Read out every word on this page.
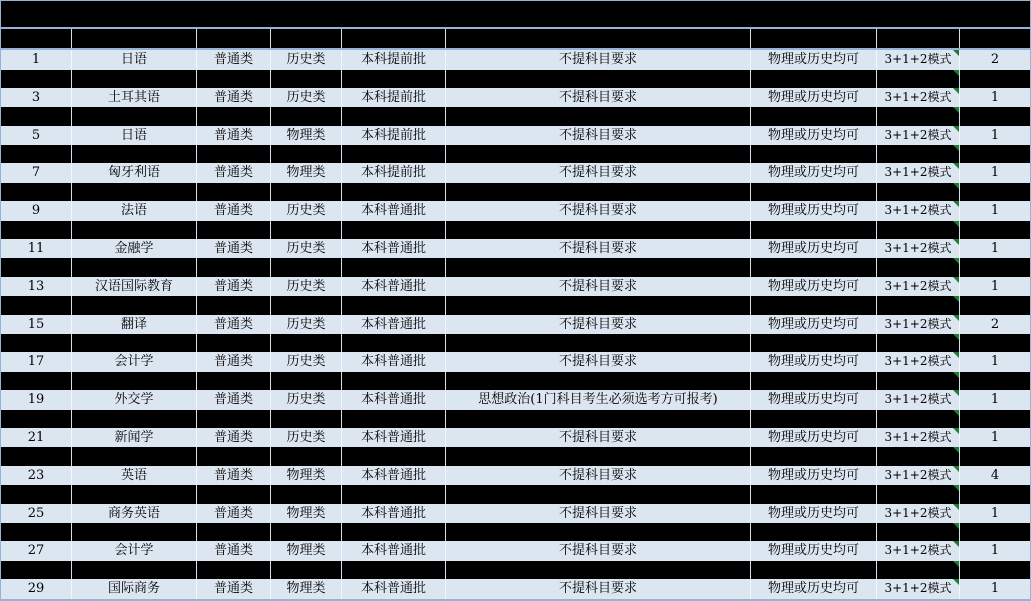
1	日语	普通类	历史类	本科提前批	不提科目要求	物理或历史均可	3+1+2模式	2
3	土耳其语	普通类	历史类	本科提前批	不提科目要求	物理或历史均可	3+1+2模式	1
5	日语	普通类	物理类	本科提前批	不提科目要求	物理或历史均可	3+1+2模式	1
7	匈牙利语	普通类	物理类	本科提前批	不提科目要求	物理或历史均可	3+1+2模式	1
9	法语	普通类	历史类	本科普通批	不提科目要求	物理或历史均可	3+1+2模式	1
11	金融学	普通类	历史类	本科普通批	不提科目要求	物理或历史均可	3+1+2模式	1
13	汉语国际教育	普通类	历史类	本科普通批	不提科目要求	物理或历史均可	3+1+2模式	1
15	翻译	普通类	历史类	本科普通批	不提科目要求	物理或历史均可	3+1+2模式	2
17	会计学	普通类	历史类	本科普通批	不提科目要求	物理或历史均可	3+1+2模式	1
19	外交学	普通类	历史类	本科普通批	思想政治(1门科目考生必须选考方可报考)	物理或历史均可	3+1+2模式	1
21	新闻学	普通类	历史类	本科普通批	不提科目要求	物理或历史均可	3+1+2模式	1
23	英语	普通类	物理类	本科普通批	不提科目要求	物理或历史均可	3+1+2模式	4
25	商务英语	普通类	物理类	本科普通批	不提科目要求	物理或历史均可	3+1+2模式	1
27	会计学	普通类	物理类	本科普通批	不提科目要求	物理或历史均可	3+1+2模式	1
29	国际商务	普通类	物理类	本科普通批	不提科目要求	物理或历史均可	3+1+2模式	1
